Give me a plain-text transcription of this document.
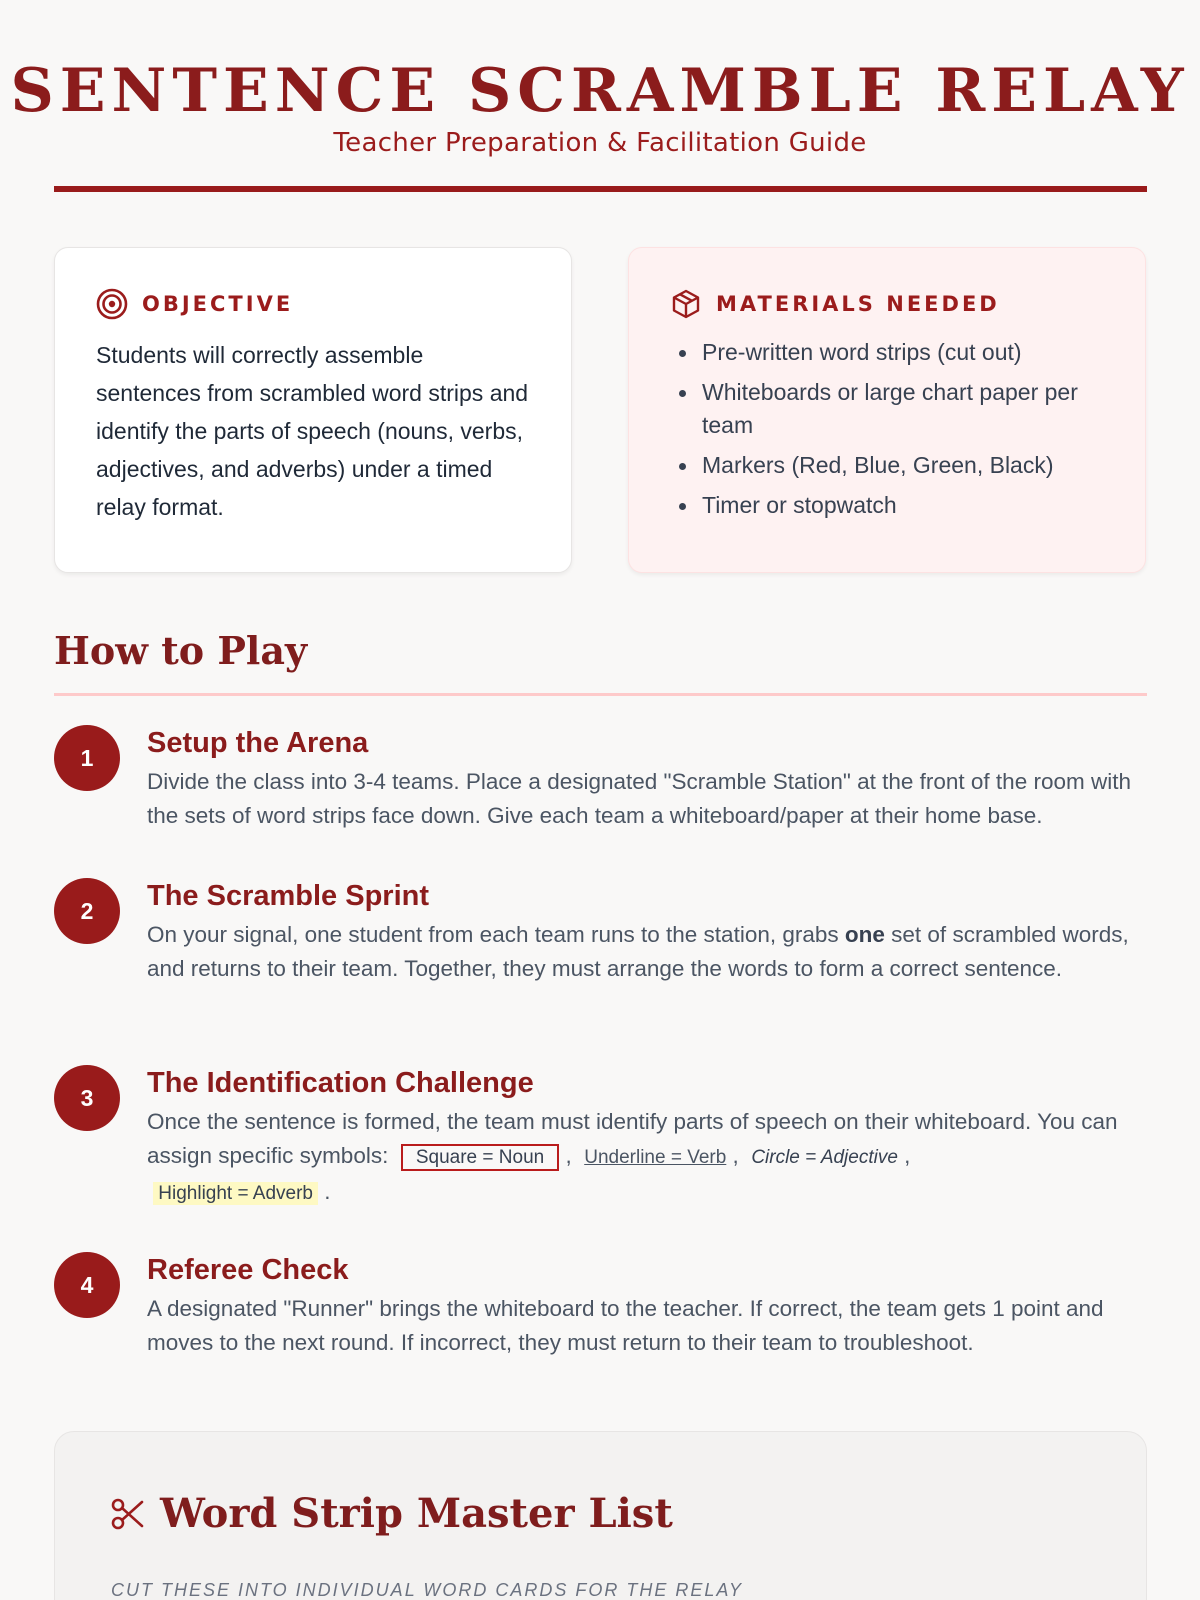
SENTENCE SCRAMBLE RELAY
Teacher Preparation & Facilitation Guide
OBJECTIVE

Students will correctly assemble sentences from scrambled word strips and identify the parts of speech (nouns, verbs, adjectives, and adverbs) under a timed relay format.

MATERIALS NEEDED
Pre-written word strips (cut out)
Whiteboards or large chart paper per team
Markers (Red, Blue, Green, Black)
Timer or stopwatch
How to Play
1	Setup the Arena

Divide the class into 3-4 teams. Place a designated "Scramble Station" at the front of the room with the sets of word strips face down. Give each team a whiteboard/paper at their home base.

2	The Scramble Sprint

On your signal, one student from each team runs to the station, grabs one set of scrambled words, and returns to their team. Together, they must arrange the words to form a correct sentence.

3	The Identification Challenge

Once the sentence is formed, the team must identify parts of speech on their whiteboard. You can assign specific symbols: Square = Noun ,  Underline = Verb ,  Circle = Adjective ,
Highlight = Adverb .

4	Referee Check

A designated "Runner" brings the whiteboard to the teacher. If correct, the team gets 1 point and moves to the next round. If incorrect, they must return to their team to troubleshoot.

Word Strip Master List
CUT THESE INTO INDIVIDUAL WORD CARDS FOR THE RELAY
